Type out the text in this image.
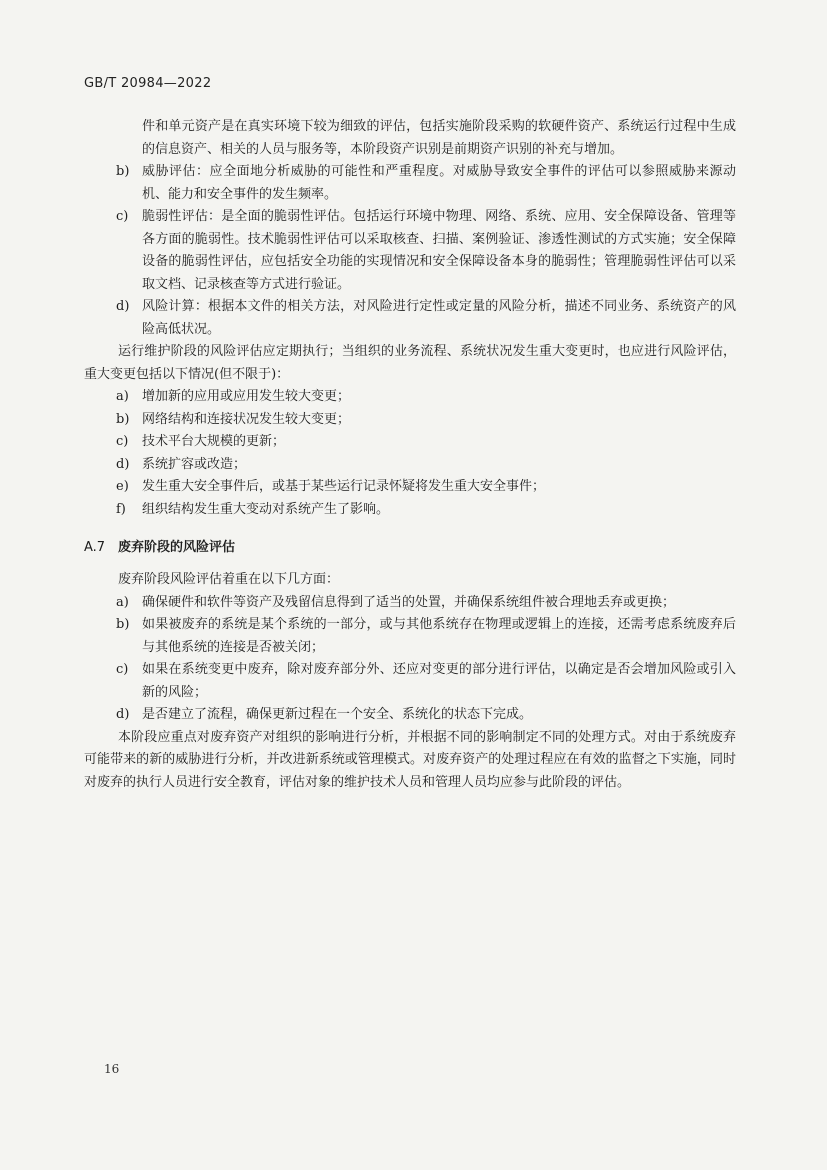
GB/T 20984—2022

件和单元资产是在真实环境下较为细致的评估，包括实施阶段采购的软硬件资产、系统运行过程中生成的信息资产、相关的人员与服务等，本阶段资产识别是前期资产识别的补充与增加。

b) 威胁评估：应全面地分析威胁的可能性和严重程度。对威胁导致安全事件的评估可以参照威胁来源动机、能力和安全事件的发生频率。
c)	脆弱性评估：是全面的脆弱性评估。包括运行环境中物理、网络、系统、应用、安全保障设备、管理等各方面的脆弱性。技术脆弱性评估可以采取核查、扫描、案例验证、渗透性测试的方式实施；安全保障设备的脆弱性评估，应包括安全功能的实现情况和安全保障设备本身的脆弱性；管理脆弱性评估可以采取文档、记录核查等方式进行验证。
d) 风险计算：根据本文件的相关方法，对风险进行定性或定量的风险分析，描述不同业务、系统资产的风险高低状况。

运行维护阶段的风险评估应定期执行；当组织的业务流程、系统状况发生重大变更时，也应进行风险评估，重大变更包括以下情况(但不限于)：

a)	增加新的应用或应用发生较大变更；
b) 网络结构和连接状况发生较大变更；
c)	技术平台大规模的更新；
d) 系统扩容或改造；
e)	发生重大安全事件后，或基于某些运行记录怀疑将发生重大安全事件；
f)	组织结构发生重大变动对系统产生了影响。
A.7 废弃阶段的风险评估

废弃阶段风险评估着重在以下几方面：

a)	确保硬件和软件等资产及残留信息得到了适当的处置，并确保系统组件被合理地丢弃或更换；
b) 如果被废弃的系统是某个系统的一部分，或与其他系统存在物理或逻辑上的连接，还需考虑系统废弃后与其他系统的连接是否被关闭；
c)	如果在系统变更中废弃，除对废弃部分外、还应对变更的部分进行评估，以确定是否会增加风险或引入新的风险；
d) 是否建立了流程，确保更新过程在一个安全、系统化的状态下完成。

本阶段应重点对废弃资产对组织的影响进行分析，并根据不同的影响制定不同的处理方式。对由于系统废弃可能带来的新的威胁进行分析，并改进新系统或管理模式。对废弃资产的处理过程应在有效的监督之下实施，同时对废弃的执行人员进行安全教育，评估对象的维护技术人员和管理人员均应参与此阶段的评估。

16
